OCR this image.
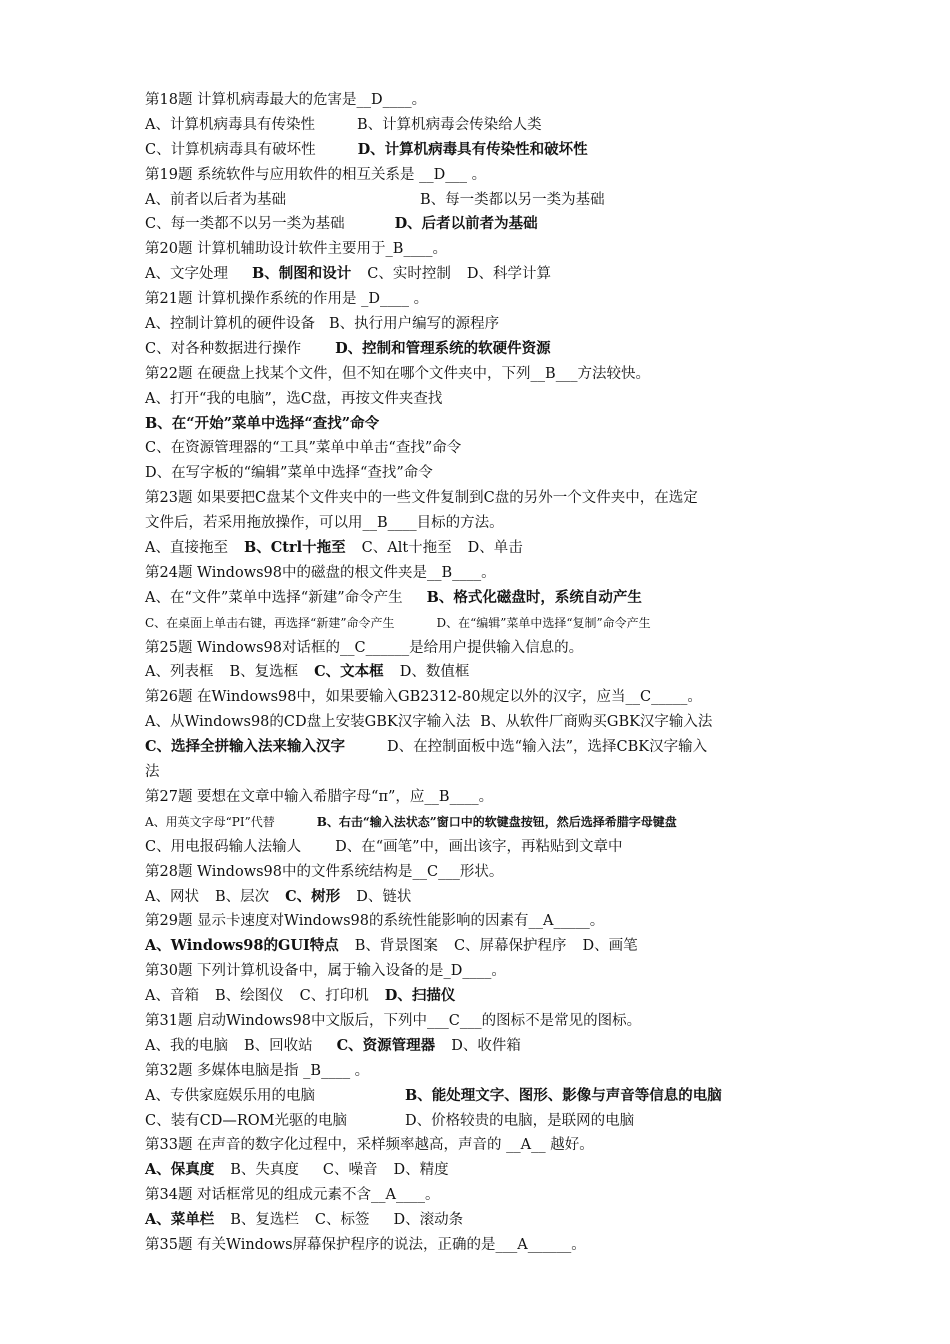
第18题 计算机病毒最大的危害是__D____。
A、计算机病毒具有传染性	B、计算机病毒会传染给人类
C、计算机病毒具有破坏性	D、计算机病毒具有传染性和破坏性
第19题 系统软件与应用软件的相互关系是 __D___ 。
A、前者以后者为基础	B、每一类都以另一类为基础
C、每一类都不以另一类为基础	D、后者以前者为基础
第20题 计算机辅助设计软件主要用于_B____。
A、文字处理 B、制图和设计 C、实时控制 D、科学计算
第21题 计算机操作系统的作用是 _D____ 。
A、控制计算机的硬件设备 B、执行用户编写的源程序
C、对各种数据进行操作 D、控制和管理系统的软硬件资源
第22题 在硬盘上找某个文件，但不知在哪个文件夹中，下列__B___方法较快。
A、打开“我的电脑”，选C盘，再按文件夹查找
B、在“开始”菜单中选择“查找”命令
C、在资源管理器的“工具”菜单中单击“查找”命令
D、在写字板的“编辑”菜单中选择“查找”命令
第23题 如果要把C盘某个文件夹中的一些文件复制到C盘的另外一个文件夹中，在选定
文件后，若采用拖放操作，可以用__B____目标的方法。
A、直接拖至 B、Ctrl十拖至 C、Alt十拖至 D、单击
第24题 Windows98中的磁盘的根文件夹是__B____。
A、在“文件”菜单中选择“新建”命令产生 B、格式化磁盘时，系统自动产生
C、在桌面上单击右键，再选择“新建”命令产生	D、在“编辑”菜单中选择“复制”命令产生
第25题 Windows98对话框的__C______是给用户提供输入信息的。
A、列表框 B、复选框 C、文本框 D、数值框
第26题 在Windows98中，如果要输入GB2312-80规定以外的汉字，应当__C_____。
A、从Windows98的CD盘上安装GBK汉字输入法 B、从软件厂商购买GBK汉字输入法
C、选择全拼输入法来输入汉字	D、在控制面板中选“输入法”，选择CBK汉字输入
法
第27题 要想在文章中输入希腊字母“π”，应__B____。
A、用英文字母“PI”代替	B、右击“输入法状态”窗口中的软键盘按钮，然后选择希腊字母键盘
C、用电报码输人法输人 D、在“画笔”中，画出该字，再粘贴到文章中
第28题 Windows98中的文件系统结构是__C___形状。
A、网状 B、层次 C、树形 D、链状
第29题 显示卡速度对Windows98的系统性能影响的因素有__A_____。
A、Windows98的GUI特点 B、背景图案 C、屏幕保护程序 D、画笔
第30题 下列计算机设备中，属于输入设备的是_D____。
A、音箱 B、绘图仪 C、打印机 D、扫描仪
第31题 启动Windows98中文版后，下列中___C___的图标不是常见的图标。
A、我的电脑 B、回收站 C、资源管理器 D、收件箱
第32题 多媒体电脑是指 _B____ 。
A、专供家庭娱乐用的电脑	B、能处理文字、图形、影像与声音等信息的电脑
C、装有CD—ROM光驱的电脑	D、价格较贵的电脑，是联网的电脑
第33题 在声音的数字化过程中，采样频率越高，声音的 __A__ 越好。
A、保真度 B、失真度 C、噪音 D、精度
第34题 对话框常见的组成元素不含__A____。
A、菜单栏 B、复选栏 C、标签 D、滚动条
第35题 有关Windows屏幕保护程序的说法，正确的是___A______。
